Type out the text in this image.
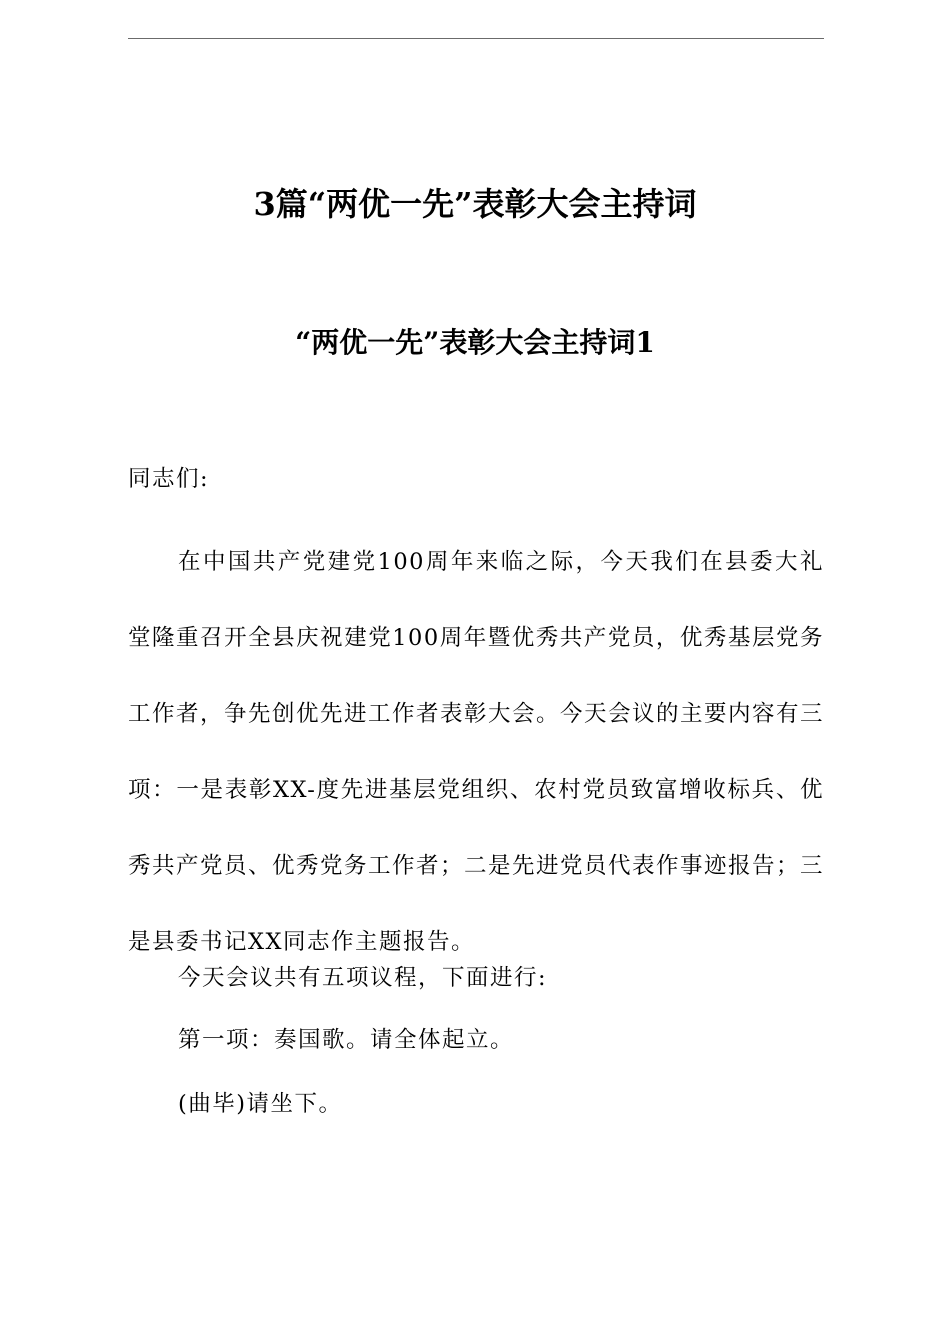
3篇“两优一先”表彰大会主持词
“两优一先”表彰大会主持词1
同志们:

在中国共产党建党100周年来临之际，今天我们在县委大礼堂隆重召开全县庆祝建党100周年暨优秀共产党员，优秀基层党务工作者，争先创优先进工作者表彰大会。今天会议的主要内容有三项：一是表彰XX-度先进基层党组织、农村党员致富增收标兵、优秀共产党员、优秀党务工作者；二是先进党员代表作事迹报告；三是县委书记XX同志作主题报告。

今天会议共有五项议程，下面进行:
第一项：奏国歌。请全体起立。
(曲毕)请坐下。
